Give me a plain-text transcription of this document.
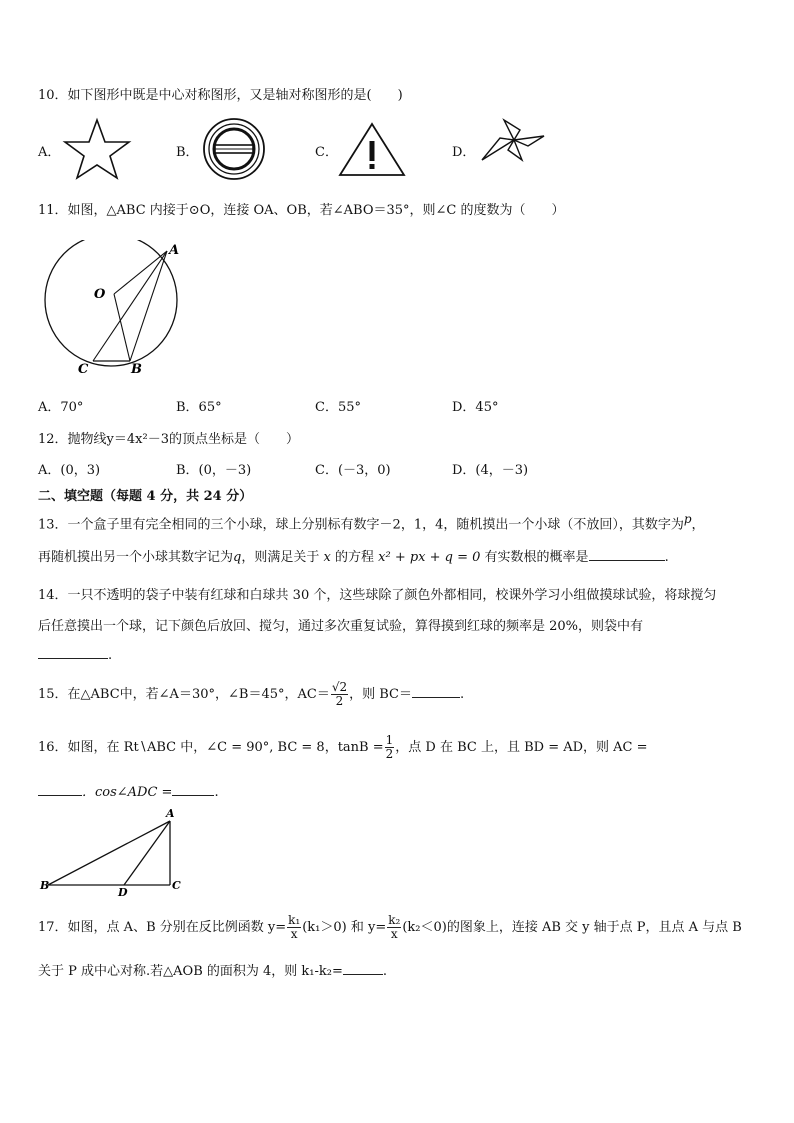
10．如下图形中既是中心对称图形，又是轴对称图形的是(　　)
A．	B．	C．	D．
11．如图，△ABC 内接于⊙O，连接 OA、OB，若∠ABO＝35°，则∠C 的度数为（　　）
A
O
C	B
A．70°	B．65°	C．55°	D．45°
12．抛物线y＝4x²－3的顶点坐标是（　　）
A．(0，3)	B．(0，－3)	C．(－3，0)	D．(4，－3)
二、填空题（每题 4 分，共 24 分）
13．一个盒子里有完全相同的三个小球，球上分别标有数字－2，1，4，随机摸出一个小球（不放回），其数字为$^p$，
再随机摸出另一个小球其数字记为q，则满足关于 x 的方程 x² + px + q = 0 有实数根的概率是	.
14．一只不透明的袋子中装有红球和白球共 30 个，这些球除了颜色外都相同，校课外学习小组做摸球试验，将球搅匀
后任意摸出一个球，记下颜色后放回、搅匀，通过多次重复试验，算得摸到红球的频率是 20%，则袋中有
.
15．在△ABC中，若∠A＝30°，∠B＝45°，$AC= \frac{√2}{2}$ ，则 BC＝	.
16．如图，在 Rt∖ABC 中，∠C = 90°, BC = 8，$\tan B = \frac{1}{2}$ ，点 D 在 BC 上，且 BD = AD，则 AC =
．cos∠ADC =	.
A
B
D
C
17．如图，点 A、B 分别在反比例函数 $y= \frac{\text{k₁}}{x} (k_1>0)$ 和 $y= \frac{\text{k₂}}{x} (k_2<0)$的图象上，连接 AB 交 y 轴于点 P，且点 A 与点 B
关于 P 成中心对称.若△AOB 的面积为 4，则 k₁-k₂=	.
